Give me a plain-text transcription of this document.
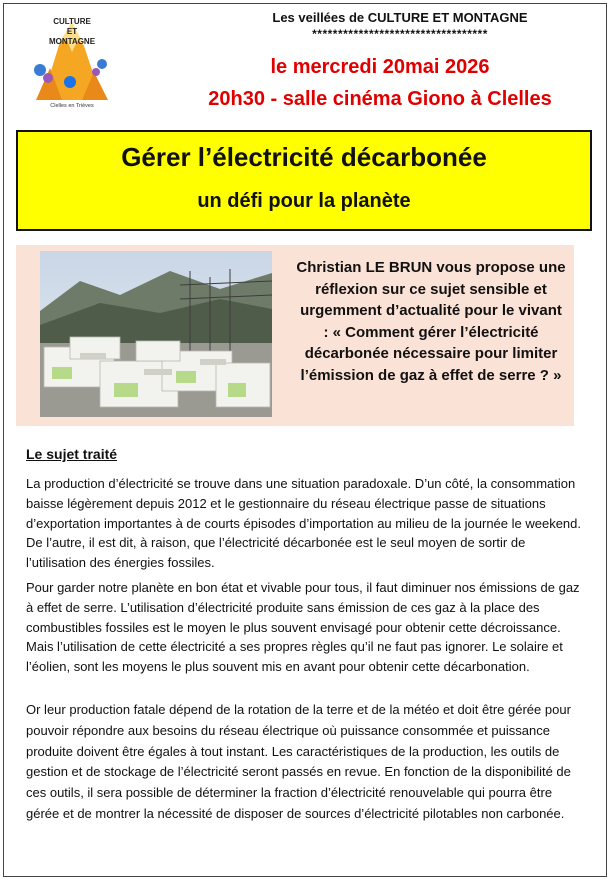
CULTURE
ET
MONTAGNE
Clelles en Trièves
Les veillées de CULTURE ET MONTAGNE
**********************************
le mercredi 20mai 2026
20h30 - salle cinéma Giono à Clelles
Gérer l’électricité décarbonée
un défi pour la planète
Christian LE BRUN vous propose une réflexion sur ce sujet sensible et urgemment d’actualité pour le vivant : « Comment gérer l’électricité décarbonée nécessaire pour limiter l’émission de gaz à effet de serre ? »
Le sujet traité
La production d’électricité se trouve dans une situation paradoxale. D’un côté, la consommation baisse légèrement depuis 2012 et le gestionnaire du réseau électrique passe de situations d’exportation importantes à de courts épisodes d’importation au milieu de la journée le weekend. De l’autre, il est dit, à raison, que l’électricité décarbonée est le seul moyen de sortir de l’utilisation des énergies fossiles.
Pour garder notre planète en bon état et vivable pour tous, il faut diminuer nos émissions de gaz à effet de serre. L’utilisation d’électricité produite sans émission de ces gaz à la place des combustibles fossiles est le moyen le plus souvent envisagé pour obtenir cette décroissance. Mais l’utilisation de cette électricité a ses propres règles qu’il ne faut pas ignorer. Le solaire et l’éolien, sont les moyens le plus souvent mis en avant pour obtenir cette décarbonation.
Or leur production fatale dépend de la rotation de la terre et de la météo et doit être gérée pour pouvoir répondre aux besoins du réseau électrique où puissance consommée et puissance produite doivent être égales à tout instant. Les caractéristiques de la production, les outils de gestion et de stockage de l’électricité seront passés en revue. En fonction de la disponibilité de ces outils, il sera possible de déterminer la fraction d’électricité renouvelable qui pourra être gérée et de montrer la nécessité de disposer de sources d’électricité pilotables non carbonée.
